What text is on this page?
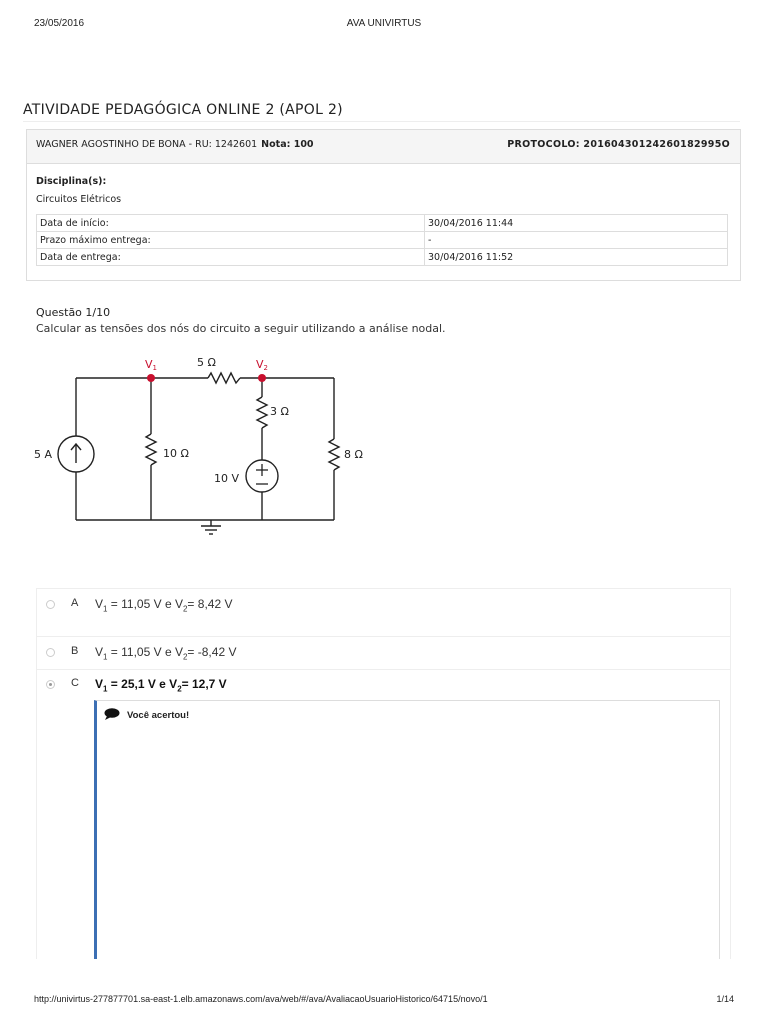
23/05/2016	AVA UNIVIRTUS
ATIVIDADE PEDAGÓGICA ONLINE 2 (APOL 2)
WAGNER AGOSTINHO DE BONA - RU: 1242601 Nota: 100	PROTOCOLO: 20160430124260182995O
Disciplina(s):
Circuitos Elétricos
Data de início:	30/04/2016 11:44
Prazo máximo entrega:	-
Data de entrega:	30/04/2016 11:52
Questão 1/10
Calcular as tensões dos nós do circuito a seguir utilizando a análise nodal.
V1	V2
5 Ω
3 Ω
10 Ω	8 Ω
5 A
10 V
A $V_1 = 11,05$ V e $V_2= 8,42$ V
B $V_1 = 11,05$ V e $V_2= -8,42$ V
C $V_1 = 25,1$ V e $V_2= 12,7$ V
Você acertou!
http://univirtus-277877701.sa-east-1.elb.amazonaws.com/ava/web/#/ava/AvaliacaoUsuarioHistorico/64715/novo/1	1/14
